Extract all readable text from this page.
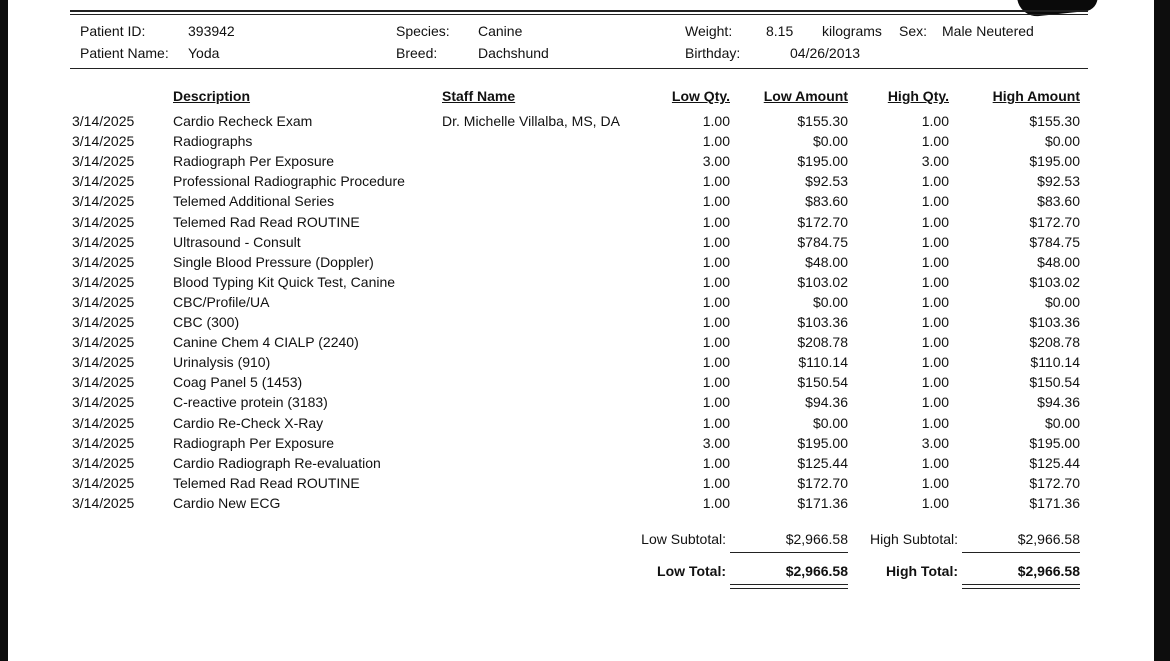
Patient ID:	393942
Patient Name: Yoda
Species: Canine
Breed:	Dachshund
Weight: 8.15 kilograms Sex: Male Neutered
Birthday:	04/26/2013
Description	Staff Name	Low Qty.	Low Amount	High Qty.	High Amount
3/14/2025	Cardio Recheck Exam	Dr. Michelle Villalba, MS, DA	1.00	$155.30	1.00	$155.30
3/14/2025	Radiographs	1.00	$0.00	1.00	$0.00
3/14/2025	Radiograph Per Exposure	3.00	$195.00	3.00	$195.00
3/14/2025	Professional Radiographic Procedure	1.00	$92.53	1.00	$92.53
3/14/2025	Telemed Additional Series	1.00	$83.60	1.00	$83.60
3/14/2025	Telemed Rad Read ROUTINE	1.00	$172.70	1.00	$172.70
3/14/2025	Ultrasound - Consult	1.00	$784.75	1.00	$784.75
3/14/2025	Single Blood Pressure (Doppler)	1.00	$48.00	1.00	$48.00
3/14/2025	Blood Typing Kit Quick Test, Canine	1.00	$103.02	1.00	$103.02
3/14/2025	CBC/Profile/UA	1.00	$0.00	1.00	$0.00
3/14/2025	CBC (300)	1.00	$103.36	1.00	$103.36
3/14/2025	Canine Chem 4 CIALP (2240)	1.00	$208.78	1.00	$208.78
3/14/2025	Urinalysis (910)	1.00	$110.14	1.00	$110.14
3/14/2025	Coag Panel 5 (1453)	1.00	$150.54	1.00	$150.54
3/14/2025	C-reactive protein (3183)	1.00	$94.36	1.00	$94.36
3/14/2025	Cardio Re-Check X-Ray	1.00	$0.00	1.00	$0.00
3/14/2025	Radiograph Per Exposure	3.00	$195.00	3.00	$195.00
3/14/2025	Cardio Radiograph Re-evaluation	1.00	$125.44	1.00	$125.44
3/14/2025	Telemed Rad Read ROUTINE	1.00	$172.70	1.00	$172.70
3/14/2025	Cardio New ECG	1.00	$171.36	1.00	$171.36
Low Subtotal:	$2,966.58	High Subtotal:	$2,966.58
Low Total:	$2,966.58	High Total:	$2,966.58
